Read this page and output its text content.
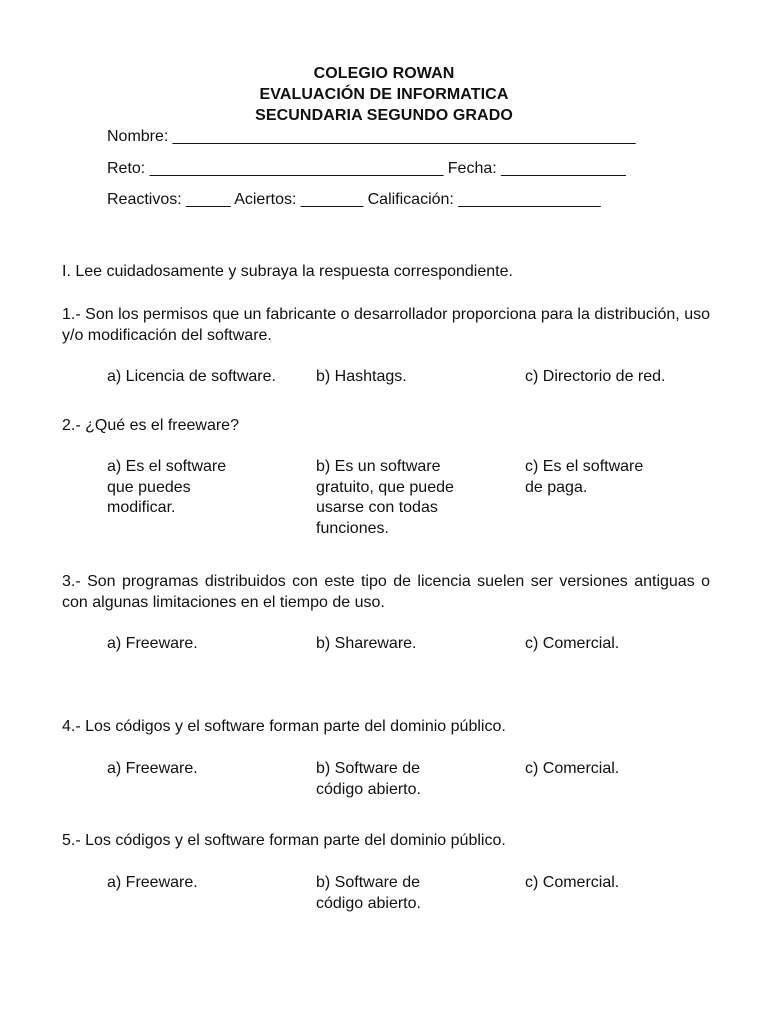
COLEGIO ROWAN
EVALUACIÓN DE INFORMATICA
SECUNDARIA SEGUNDO GRADO
Nombre: ____________________________________________________
Reto: _________________________________ Fecha: ______________
Reactivos: _____ Aciertos: _______ Calificación: ________________
I. Lee cuidadosamente y subraya la respuesta correspondiente.
1.- Son los permisos que un fabricante o desarrollador proporciona para la distribución, uso y/o modificación del software.
a) Licencia de software.	b) Hashtags.	c) Directorio de red.
2.- ¿Qué es el freeware?
a) Es el software
que puedes
modificar.
b) Es un software
gratuito, que puede
usarse con todas
funciones.
c) Es el software
de paga.
3.- Son programas distribuidos con este tipo de licencia suelen ser versiones antiguas o con algunas limitaciones en el tiempo de uso.
a) Freeware.	b) Shareware.	c) Comercial.
4.- Los códigos y el software forman parte del dominio público.
a) Freeware.	b) Software de
código abierto.
c) Comercial.
5.- Los códigos y el software forman parte del dominio público.
a) Freeware.	b) Software de
código abierto.
c) Comercial.
